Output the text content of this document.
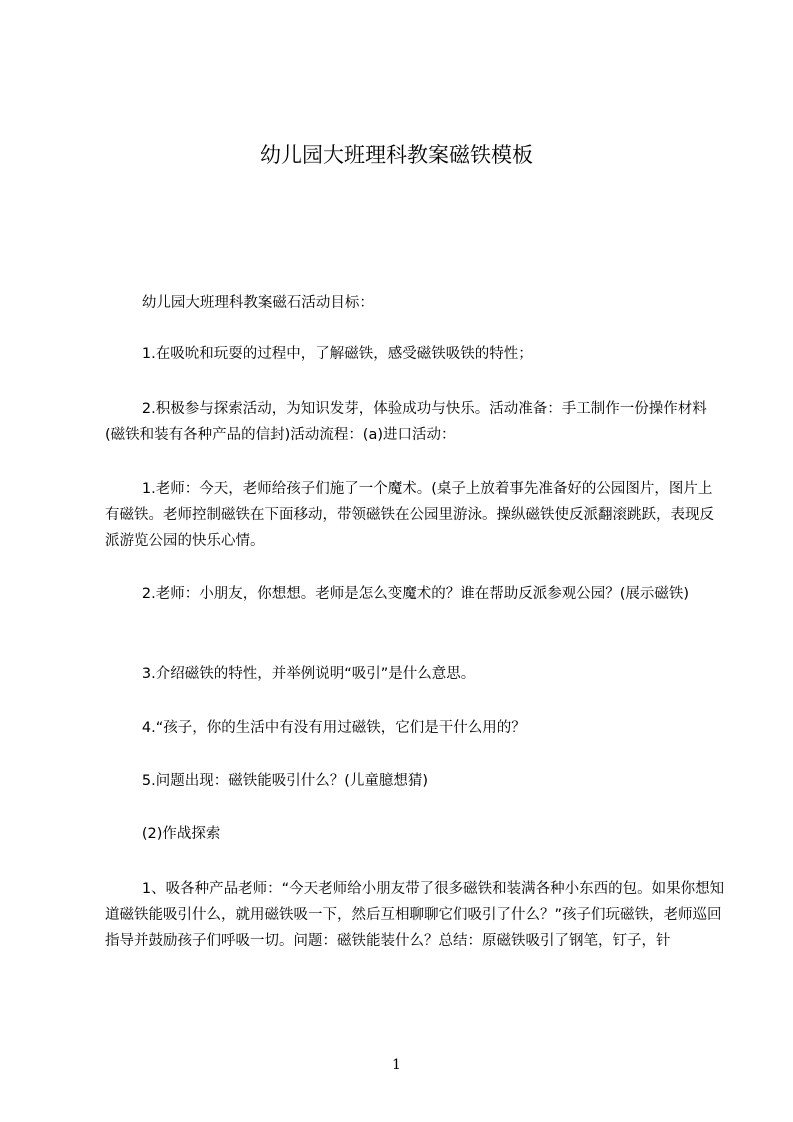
幼儿园大班理科教案磁铁模板

幼儿园大班理科教案磁石活动目标：

1.在吸吮和玩耍的过程中，了解磁铁，感受磁铁吸铁的特性；

2.积极参与探索活动，为知识发芽，体验成功与快乐。活动准备：手工制作一份操作材料(磁铁和装有各种产品的信封)活动流程：(a)进口活动：

1.老师：今天，老师给孩子们施了一个魔术。(桌子上放着事先准备好的公园图片，图片上有磁铁。老师控制磁铁在下面移动，带领磁铁在公园里游泳。操纵磁铁使反派翻滚跳跃，表现反派游览公园的快乐心情。

2.老师：小朋友，你想想。老师是怎么变魔术的？谁在帮助反派参观公园？(展示磁铁)

3.介绍磁铁的特性，并举例说明“吸引”是什么意思。

4.“孩子，你的生活中有没有用过磁铁，它们是干什么用的？

5.问题出现：磁铁能吸引什么？(儿童臆想猜)

(2)作战探索

1、吸各种产品老师：“今天老师给小朋友带了很多磁铁和装满各种小东西的包。如果你想知道磁铁能吸引什么，就用磁铁吸一下，然后互相聊聊它们吸引了什么？”孩子们玩磁铁，老师巡回指导并鼓励孩子们呼吸一切。问题：磁铁能装什么？总结：原磁铁吸引了钢笔，钉子，针

1
